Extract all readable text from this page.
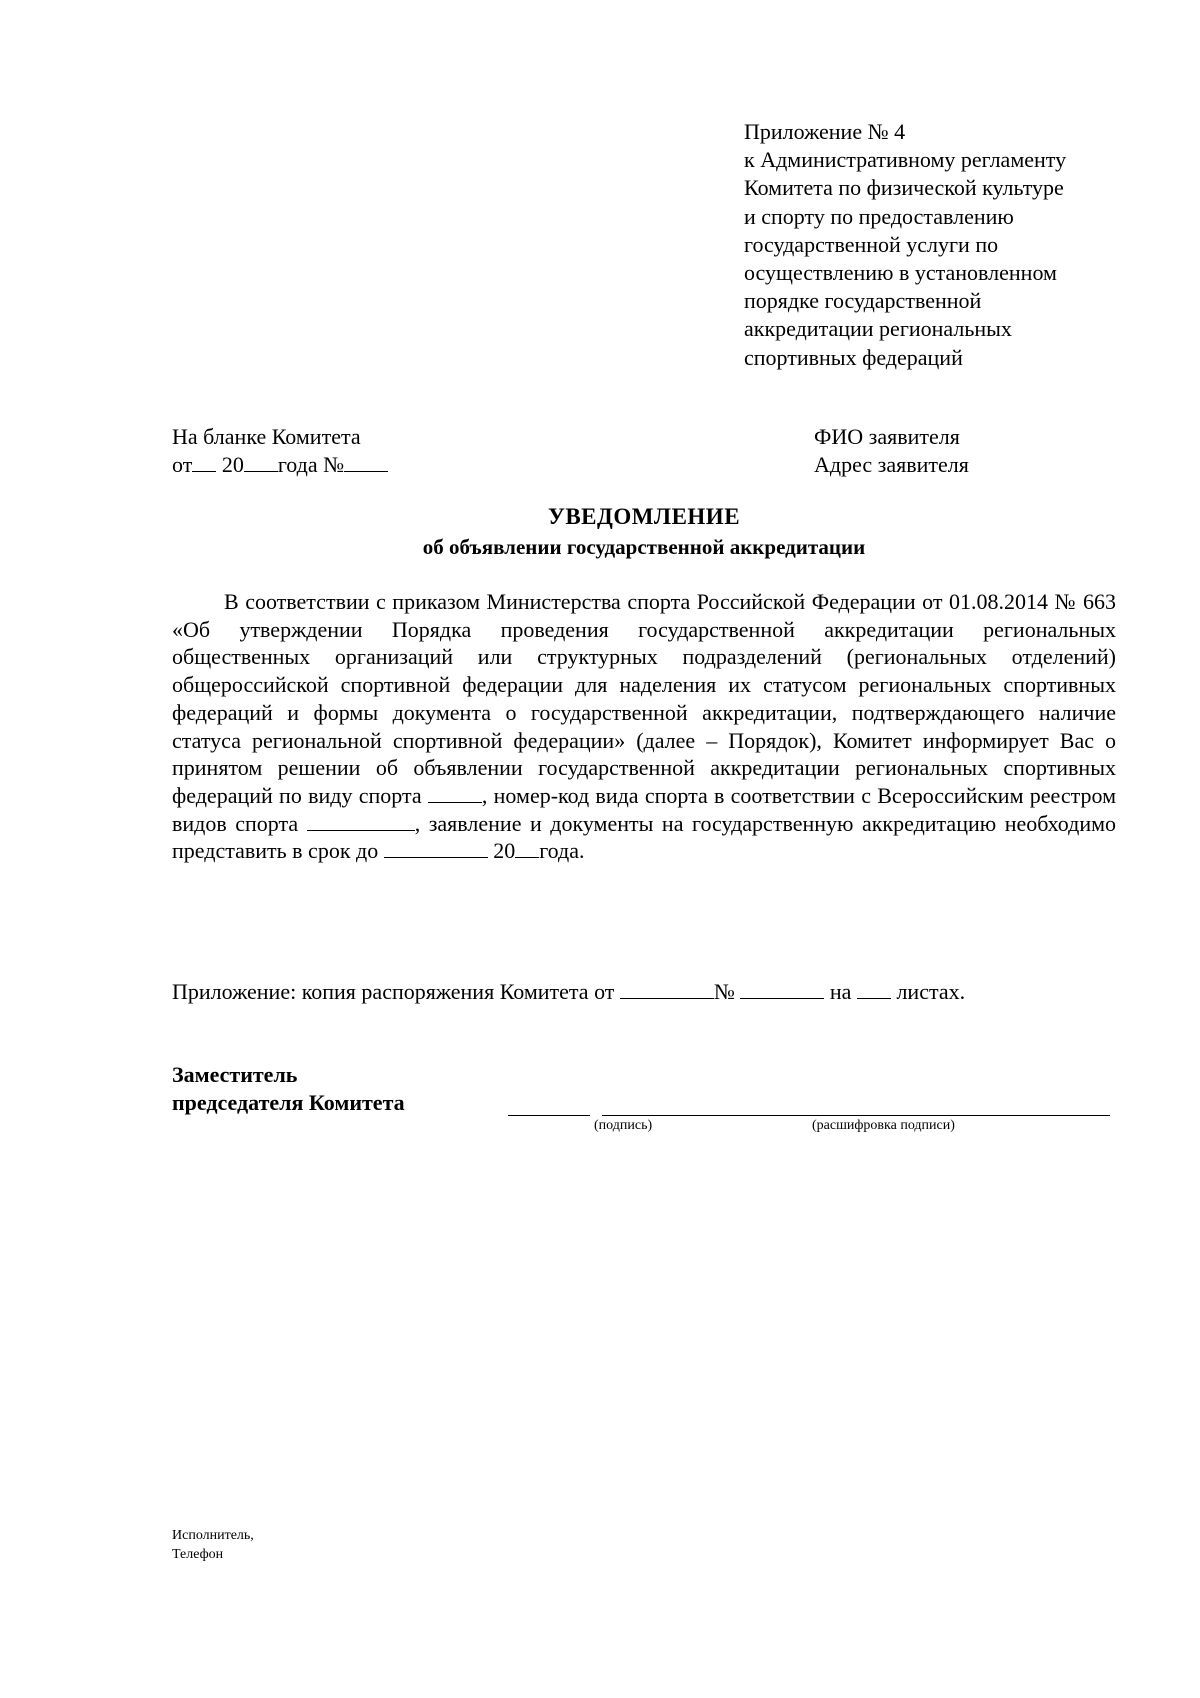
Приложение № 4
к Административному регламенту
Комитета по физической культуре
и спорту по предоставлению
государственной услуги по
осуществлению в установленном
порядке государственной
аккредитации региональных
спортивных федераций
На бланке Комитета
от 20 года №
ФИО заявителя
Адрес заявителя
УВЕДОМЛЕНИЕ
об объявлении государственной аккредитации
В соответствии с приказом Министерства спорта Российской Федерации от 01.08.2014 № 663 «Об утверждении Порядка проведения государственной аккредитации региональных общественных организаций или структурных подразделений (региональных отделений) общероссийской спортивной федерации для наделения их статусом региональных спортивных федераций и формы документа о государственной аккредитации, подтверждающего наличие статуса региональной спортивной федерации» (далее – Порядок), Комитет информирует Вас о принятом решении об объявлении государственной аккредитации региональных спортивных федераций по виду спорта	, номер-код вида спорта в соответствии с Всероссийским реестром видов спорта	, заявление и документы на государственную аккредитацию необходимо представить в срок до	20 года.
Приложение: копия распоряжения Комитета от	№	на листах.
Заместитель
председателя Комитета
(подпись)	(расшифровка подписи)
Исполнитель,
Телефон
